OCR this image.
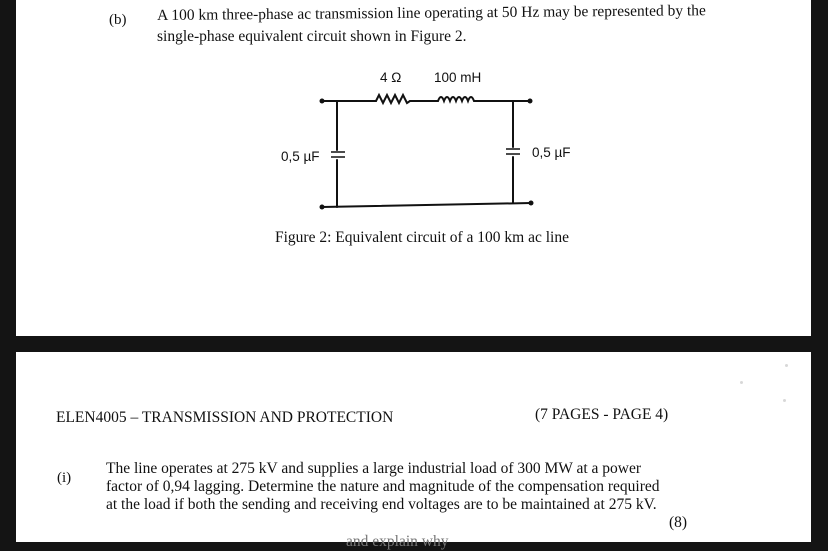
(b) A 100 km three-phase ac transmission line operating at 50 Hz may be represented by the
single-phase equivalent circuit shown in Figure 2.
4 Ω 100 mH
0,5 µF	0,5 µF
Figure 2: Equivalent circuit of a 100 km ac line
ELEN4005 – TRANSMISSION AND PROTECTION	(7 PAGES - PAGE 4)
(i)
The line operates at 275 kV and supplies a large industrial load of 300 MW at a power
factor of 0,94 lagging. Determine the nature and magnitude of the compensation required
at the load if both the sending and receiving end voltages are to be maintained at 275 kV.
(8)
and explain why
